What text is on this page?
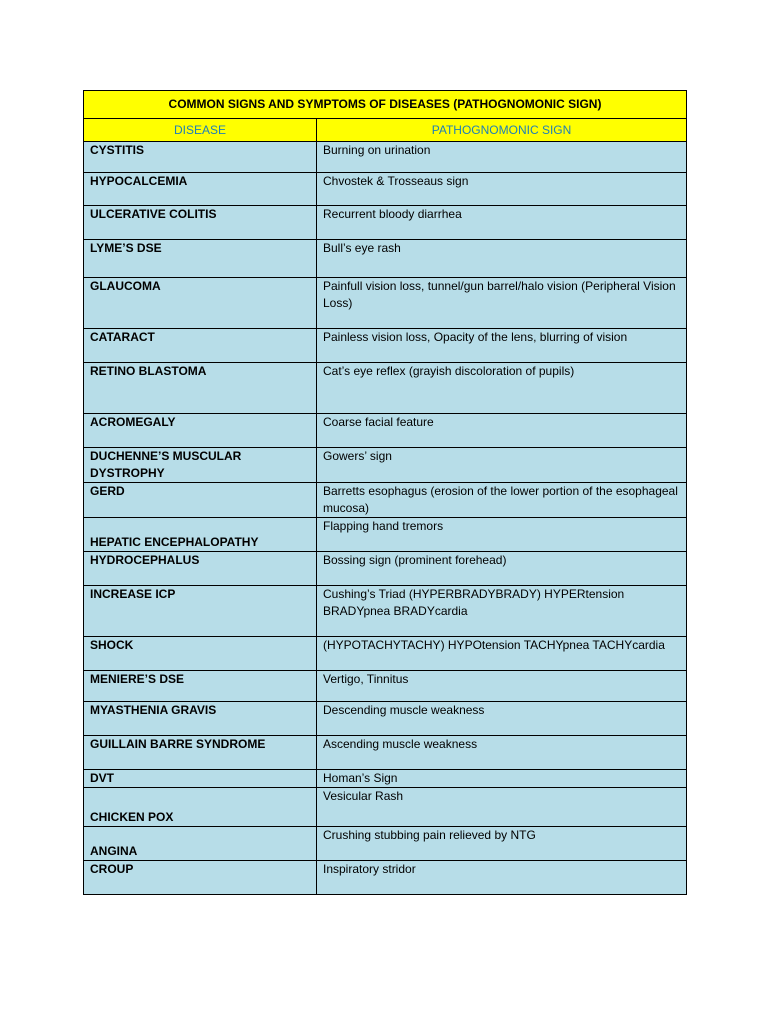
COMMON SIGNS AND SYMPTOMS OF DISEASES (PATHOGNOMONIC SIGN)	
DISEASE	PATHOGNOMONIC SIGN
CYSTITIS	Burning on urination
HYPOCALCEMIA	Chvostek & Trosseaus sign
ULCERATIVE COLITIS	Recurrent bloody diarrhea
LYME’S DSE	Bull’s eye rash
GLAUCOMA	Painfull vision loss, tunnel/gun barrel/halo vision (Peripheral Vision Loss)
CATARACT	Painless vision loss, Opacity of the lens, blurring of vision
RETINO BLASTOMA	Cat’s eye reflex (grayish discoloration of pupils)
ACROMEGALY	Coarse facial feature
DUCHENNE’S MUSCULAR DYSTROPHY	Gowers’ sign
GERD	Barretts esophagus (erosion of the lower portion of the esophageal mucosa)
HEPATIC ENCEPHALOPATHY	Flapping hand tremors
HYDROCEPHALUS	Bossing sign (prominent forehead)
INCREASE ICP	Cushing’s Triad (HYPERBRADYBRADY) HYPERtension BRADYpnea BRADYcardia
SHOCK	(HYPOTACHYTACHY) HYPOtension TACHYpnea TACHYcardia
MENIERE’S DSE	Vertigo, Tinnitus
MYASTHENIA GRAVIS	Descending muscle weakness
GUILLAIN BARRE SYNDROME	Ascending muscle weakness
DVT	Homan’s Sign
CHICKEN POX	Vesicular Rash
ANGINA	Crushing stubbing pain relieved by NTG
CROUP	Inspiratory stridor
